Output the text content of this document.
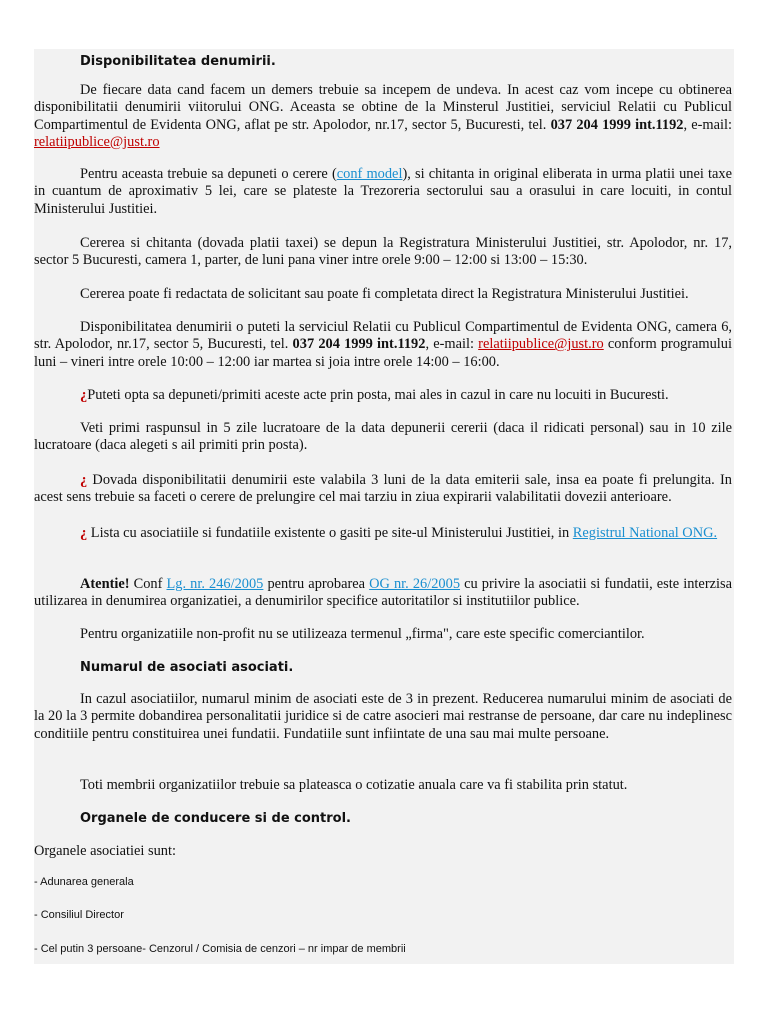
Disponibilitatea denumirii.

De fiecare data cand facem un demers trebuie sa incepem de undeva. In acest caz vom incepe cu obtinerea disponibilitatii denumirii viitorului ONG. Aceasta se obtine de la Minsterul Justitiei, serviciul Relatii cu Publicul Compartimentul de Evidenta ONG, aflat pe str. Apolodor, nr.17, sector 5, Bucuresti, tel. 037 204 1999 int.1192, e-mail: relatiipublice@just.ro

Pentru aceasta trebuie sa depuneti o cerere (conf model), si chitanta in original eliberata in urma platii unei taxe in cuantum de aproximativ 5 lei, care se plateste la Trezoreria sectorului sau a orasului in care locuiti, in contul Ministerului Justitiei.

Cererea si chitanta (dovada platii taxei) se depun la Registratura Ministerului Justitiei, str. Apolodor, nr. 17, sector 5 Bucuresti, camera 1, parter, de luni pana viner intre orele 9:00 – 12:00 si 13:00 – 15:30.

Cererea poate fi redactata de solicitant sau poate fi completata direct la Registratura Ministerului Justitiei.

Disponibilitatea denumirii o puteti la serviciul Relatii cu Publicul Compartimentul de Evidenta ONG, camera 6, str. Apolodor, nr.17, sector 5, Bucuresti, tel. 037 204 1999 int.1192, e-mail: relatiipublice@just.ro conform programului luni – vineri intre orele 10:00 – 12:00 iar martea si joia intre orele 14:00 – 16:00.

¿Puteti opta sa depuneti/primiti aceste acte prin posta, mai ales in cazul in care nu locuiti in Bucuresti.

Veti primi raspunsul in 5 zile lucratoare de la data depunerii cererii (daca il ridicati personal) sau in 10 zile lucratoare (daca alegeti s ail primiti prin posta).

¿ Dovada disponibilitatii denumirii este valabila 3 luni de la data emiterii sale, insa ea poate fi prelungita. In acest sens trebuie sa faceti o cerere de prelungire cel mai tarziu in ziua expirarii valabilitatii dovezii anterioare.

¿ Lista cu asociatiile si fundatiile existente o gasiti pe site-ul Ministerului Justitiei, in Registrul National ONG.

Atentie! Conf Lg. nr. 246/2005 pentru aprobarea OG nr. 26/2005 cu privire la asociatii si fundatii, este interzisa utilizarea in denumirea organizatiei, a denumirilor specifice autoritatilor si institutiilor publice.

Pentru organizatiile non-profit nu se utilizeaza termenul „firma", care este specific comerciantilor.

Numarul de asociati asociati.

In cazul asociatiilor, numarul minim de asociati este de 3 in prezent. Reducerea numarului minim de asociati de la 20 la 3 permite dobandirea personalitatii juridice si de catre asocieri mai restranse de persoane, dar care nu indeplinesc conditiile pentru constituirea unei fundatii. Fundatiile sunt infiintate de una sau mai multe persoane.

Toti membrii organizatiilor trebuie sa plateasca o cotizatie anuala care va fi stabilita prin statut.

Organele de conducere si de control.

Organele asociatiei sunt:

- Adunarea generala

- Consiliul Director

- Cel putin 3 persoane- Cenzorul / Comisia de cenzori – nr impar de membrii
